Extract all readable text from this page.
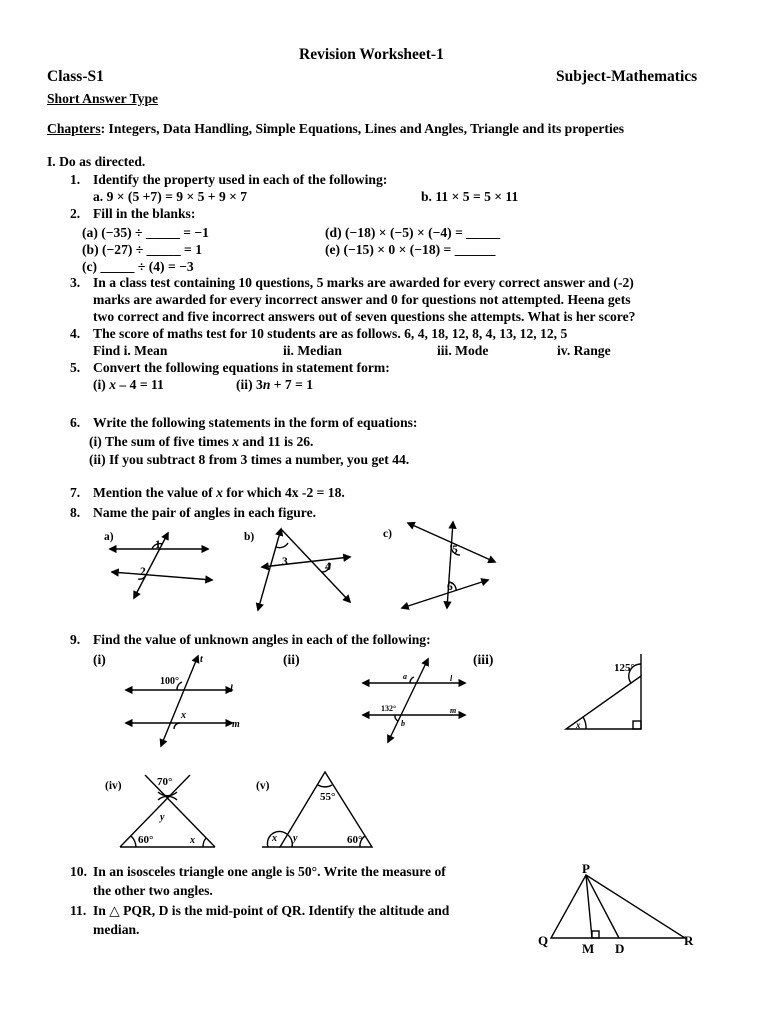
Revision Worksheet-1
Class-S1	Subject-Mathematics
Short Answer Type
Chapters: Integers, Data Handling, Simple Equations, Lines and Angles, Triangle and its properties
I. Do as directed.
1. Identify the property used in each of the following:
a. 9 × (5 +7) = 9 × 5 + 9 × 7	b. 11 × 5 = 5 × 11
2. Fill in the blanks:
(a) (−35) ÷ _____ = −1
(b) (−27) ÷ _____ = 1
(c) _____ ÷ (4) = −3
(d) (−18) × (−5) × (−4) = _____
(e) (−15) × 0 × (−18) = ______
3. In a class test containing 10 questions, 5 marks are awarded for every correct answer and (-2)
marks are awarded for every incorrect answer and 0 for questions not attempted. Heena gets
two correct and five incorrect answers out of seven questions she attempts. What is her score?
4. The score of maths test for 10 students are as follows. 6, 4, 18, 12, 8, 4, 13, 12, 12, 5
Find i. Mean	ii. Median	iii. Mode	iv. Range
5. Convert the following equations in statement form:
(i) x – 4 = 11	(ii) 3n + 7 = 1
6. Write the following statements in the form of equations:
(i) The sum of five times x and 11 is 26.
(ii) If you subtract 8 from 3 times a number, you get 44.
7. Mention the value of x for which 4x -2 = 18.
8. Name the pair of angles in each figure.
9. Find the value of unknown angles in each of the following:
(i)	(ii)	(iii)
10. In an isosceles triangle one angle is 50°. Write the measure of
the other two angles.
11. In △ PQR, D is the mid-point of QR. Identify the altitude and
median.
a)	b)	c)
1
2
3	4
5
6
(iv)	(v)
t
l
m
100°
x
t
l
m
a
b
132°
125°
x
70°
y
60°	x
55°
x y	60°
P
Q
M D
R
